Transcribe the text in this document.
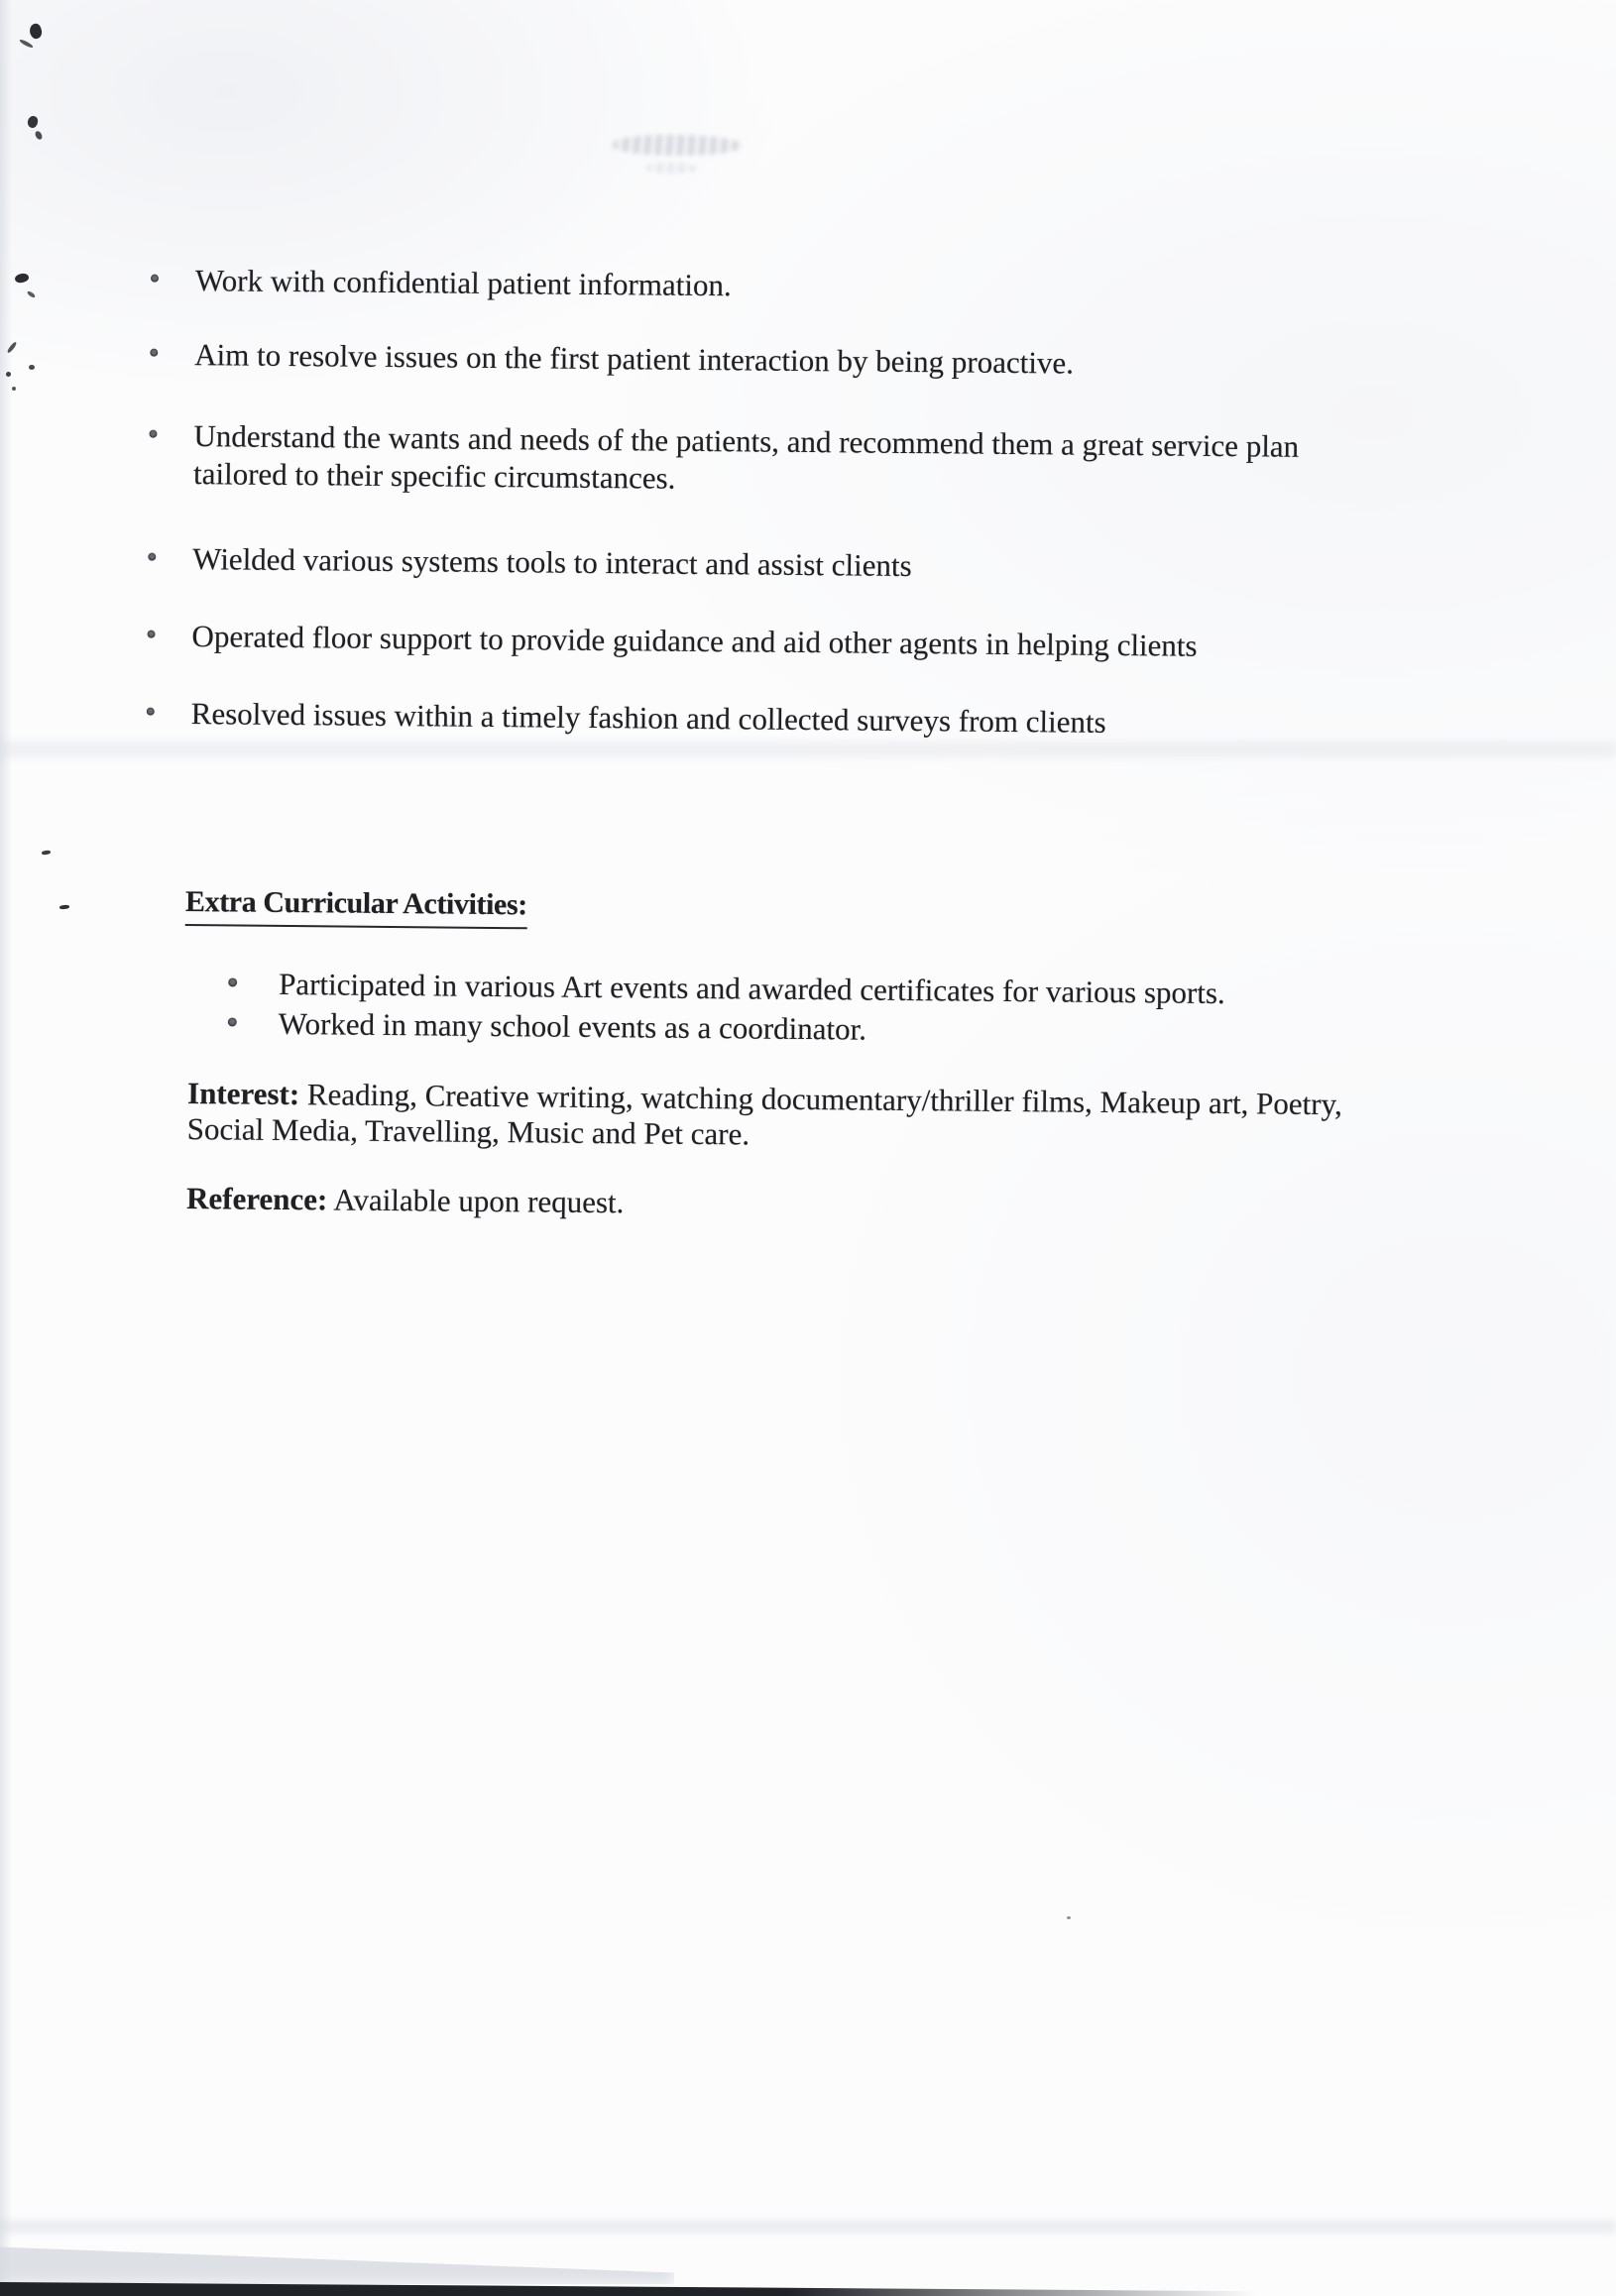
Work with confidential patient information.
Aim to resolve issues on the first patient interaction by being proactive.
Understand the wants and needs of the patients, and recommend them a great service plan
tailored to their specific circumstances.
Wielded various systems tools to interact and assist clients
Operated floor support to provide guidance and aid other agents in helping clients
Resolved issues within a timely fashion and collected surveys from clients
Extra Curricular Activities:
Participated in various Art events and awarded certificates for various sports.
Worked in many school events as a coordinator.
Interest: Reading, Creative writing, watching documentary/thriller films, Makeup art, Poetry,
Social Media, Travelling, Music and Pet care.
Reference: Available upon request.
